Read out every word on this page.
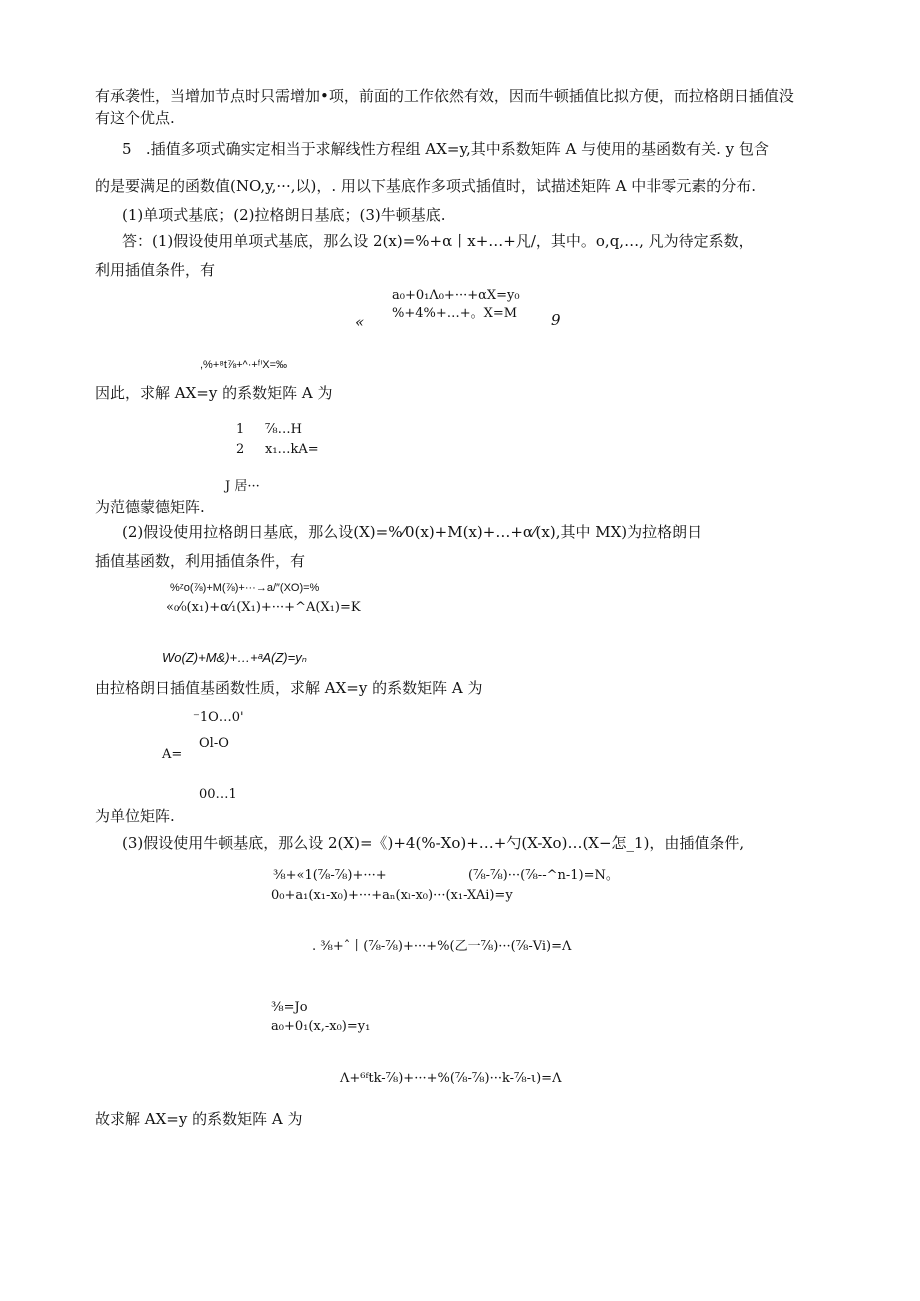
有承袭性，当增加节点时只需增加•项，前面的工作依然有效，因而牛顿插值比拟方便，而拉格朗日插值没
有这个优点.
5   .插值多项式确实定相当于求解线性方程组 AX=y,其中系数矩阵 A 与使用的基函数有关. y 包含
的是要满足的函数值(NO,y,···,以)，. 用以下基底作多项式插值时，试描述矩阵 A 中非零元素的分布.
(1)单项式基底；(2)拉格朗日基底；(3)牛顿基底.
答：(1)假设使用单项式基底，那么设 2(x)=%+α丨x+…+凡/，其中。o,q,…, 凡为待定系数，
利用插值条件，有
a₀+0₁Λ₀+···+αX=y₀
%+4%+…+。X=M
«	9
,%+⁸t⅞+^·+ᶠⁱX=‰
因此，求解 AX=y 的系数矩阵 A 为
1 ⅞…H
2 x₁…kA=
J 居···
为范德蒙德矩阵.
(2)假设使用拉格朗日基底，那么设(X)=%⁄0(x)+M(x)+…+α⁄(x),其中 MX)为拉格朗日
插值基函数，利用插值条件，有
%ᶻo(⅞)+M(⅞)+···→a/″(XO)=%
«₀⁄₀(x₁)+α⁄₁(X₁)+···+^A(X₁)=K
Wo(Z)+M&)+…+ᵃA(Z)=yₙ
由拉格朗日插值基函数性质，求解 AX=y 的系数矩阵 A 为
⁻1O…0'
Ol-O
A=
00…1
为单位矩阵.
(3)假设使用牛顿基底，那么设 2(X)=《)+4(%-Xo)+…+勺(X-Xo)…(X−怎_1)，由插值条件,
⅜+«1(⅞-⅞)+···+	(⅞-⅞)···(⅞--^n-1)=N。
0₀+a₁(x₁-x₀)+···+aₙ(xₗ-x₀)···(x₁-XAi)=y
. ⅜+ˆ丨(⅞-⅞)+···+%(乙一⅞)···(⅞-Vi)=Λ
⅜=Jo
a₀+0₁(x,-x₀)=y₁
Λ+⁶ᶠtk-⅞)+···+%(⅞-⅞)···k-⅞-ι)=Λ
故求解 AX=y 的系数矩阵 A 为
